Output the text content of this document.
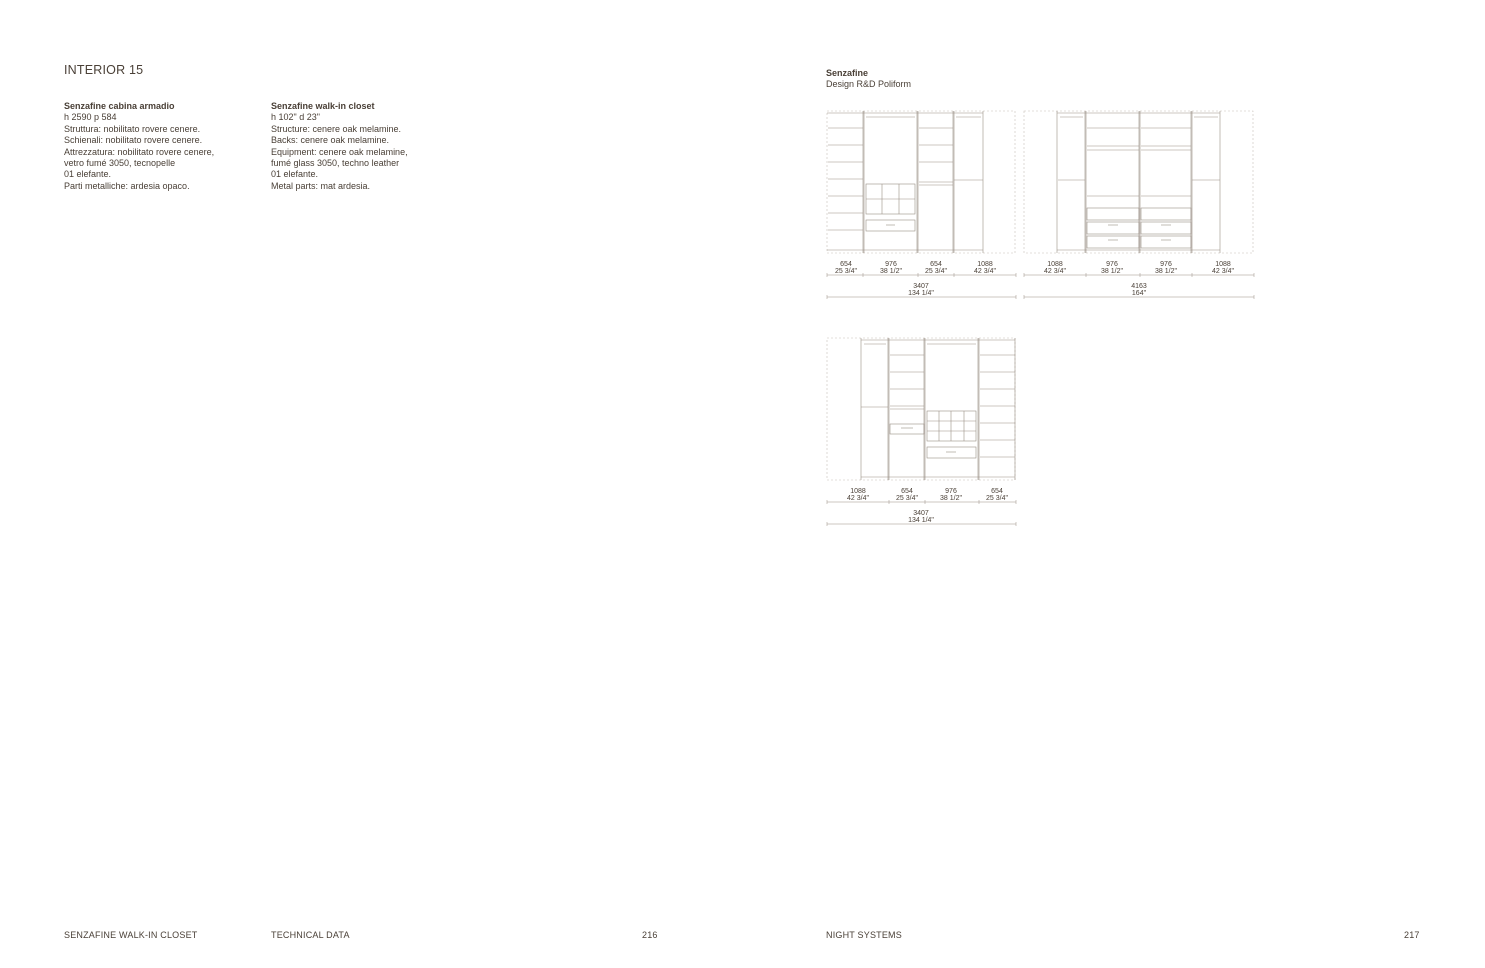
INTERIOR 15
Senzafine cabina armadio
h 2590 p 584
Struttura: nobilitato rovere cenere.
Schienali: nobilitato rovere cenere.
Attrezzatura: nobilitato rovere cenere,
vetro fumé 3050, tecnopelle
01 elefante.
Parti metalliche: ardesia opaco.
Senzafine walk-in closet
h 102" d 23"
Structure: cenere oak melamine.
Backs: cenere oak melamine.
Equipment: cenere oak melamine,
fumé glass 3050, techno leather
01 elefante.
Metal parts: mat ardesia.
Senzafine
Design R&D Poliform
654
25 3/4"
976
38 1/2"
654
25 3/4"
1088
42 3/4"
3407
134 1/4"
1088
42 3/4"
976
38 1/2"
976
38 1/2"
1088
42 3/4"
4163
164"
1088
42 3/4"
654
25 3/4"
976
38 1/2"
654
25 3/4"
3407
134 1/4"
SENZAFINE WALK-IN CLOSET	TECHNICAL DATA	216	NIGHT SYSTEMS	217
